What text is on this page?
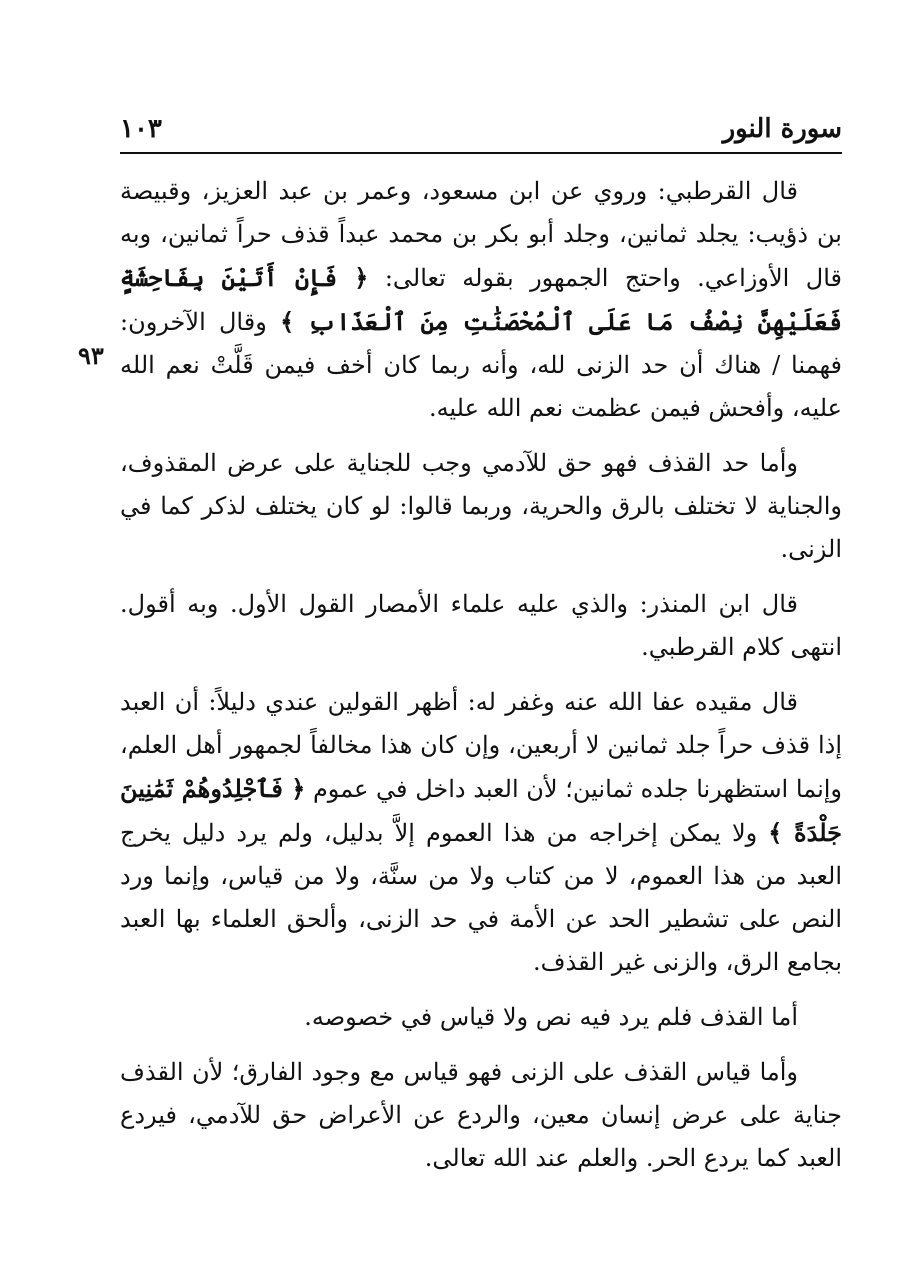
سورة النور
١٠٣

قال القرطبي: وروي عن ابن مسعود، وعمر بن عبد العزيز، وقبيصة بن ذؤيب: يجلد ثمانين، وجلد أبو بكر بن محمد عبداً قذف حراً ثمانين، وبه قال الأوزاعي. واحتج الجمهور بقوله تعالى: ﴿ فَإِنْ أَتَيْنَ بِفَاحِشَةٍ فَعَلَيْهِنَّ نِصْفُ مَا عَلَى ٱلْمُحْصَنَٰتِ مِنَ ٱلْعَذَابِ ﴾ وقال الآخرون: فهمنا / هناك أن حد الزنى لله، وأنه ربما كان أخف فيمن قَلَّتْ نعم الله عليه، وأفحش فيمن عظمت نعم الله عليه.

وأما حد القذف فهو حق للآدمي وجب للجناية على عرض المقذوف، والجناية لا تختلف بالرق والحرية، وربما قالوا: لو كان يختلف لذكر كما في الزنى.

قال ابن المنذر: والذي عليه علماء الأمصار القول الأول. وبه أقول. انتهى كلام القرطبي.

قال مقيده عفا الله عنه وغفر له: أظهر القولين عندي دليلاً: أن العبد إذا قذف حراً جلد ثمانين لا أربعين، وإن كان هذا مخالفاً لجمهور أهل العلم، وإنما استظهرنا جلده ثمانين؛ لأن العبد داخل في عموم ﴿ فَٱجْلِدُوهُمْ ثَمَٰنِينَ جَلْدَةً ﴾ ولا يمكن إخراجه من هذا العموم إلاَّ بدليل، ولم يرد دليل يخرج العبد من هذا العموم، لا من كتاب ولا من سنَّة، ولا من قياس، وإنما ورد النص على تشطير الحد عن الأمة في حد الزنى، وألحق العلماء بها العبد بجامع الرق، والزنى غير القذف.

أما القذف فلم يرد فيه نص ولا قياس في خصوصه.

وأما قياس القذف على الزنى فهو قياس مع وجود الفارق؛ لأن القذف جناية على عرض إنسان معين، والردع عن الأعراض حق للآدمي، فيردع العبد كما يردع الحر. والعلم عند الله تعالى.

٩٣
